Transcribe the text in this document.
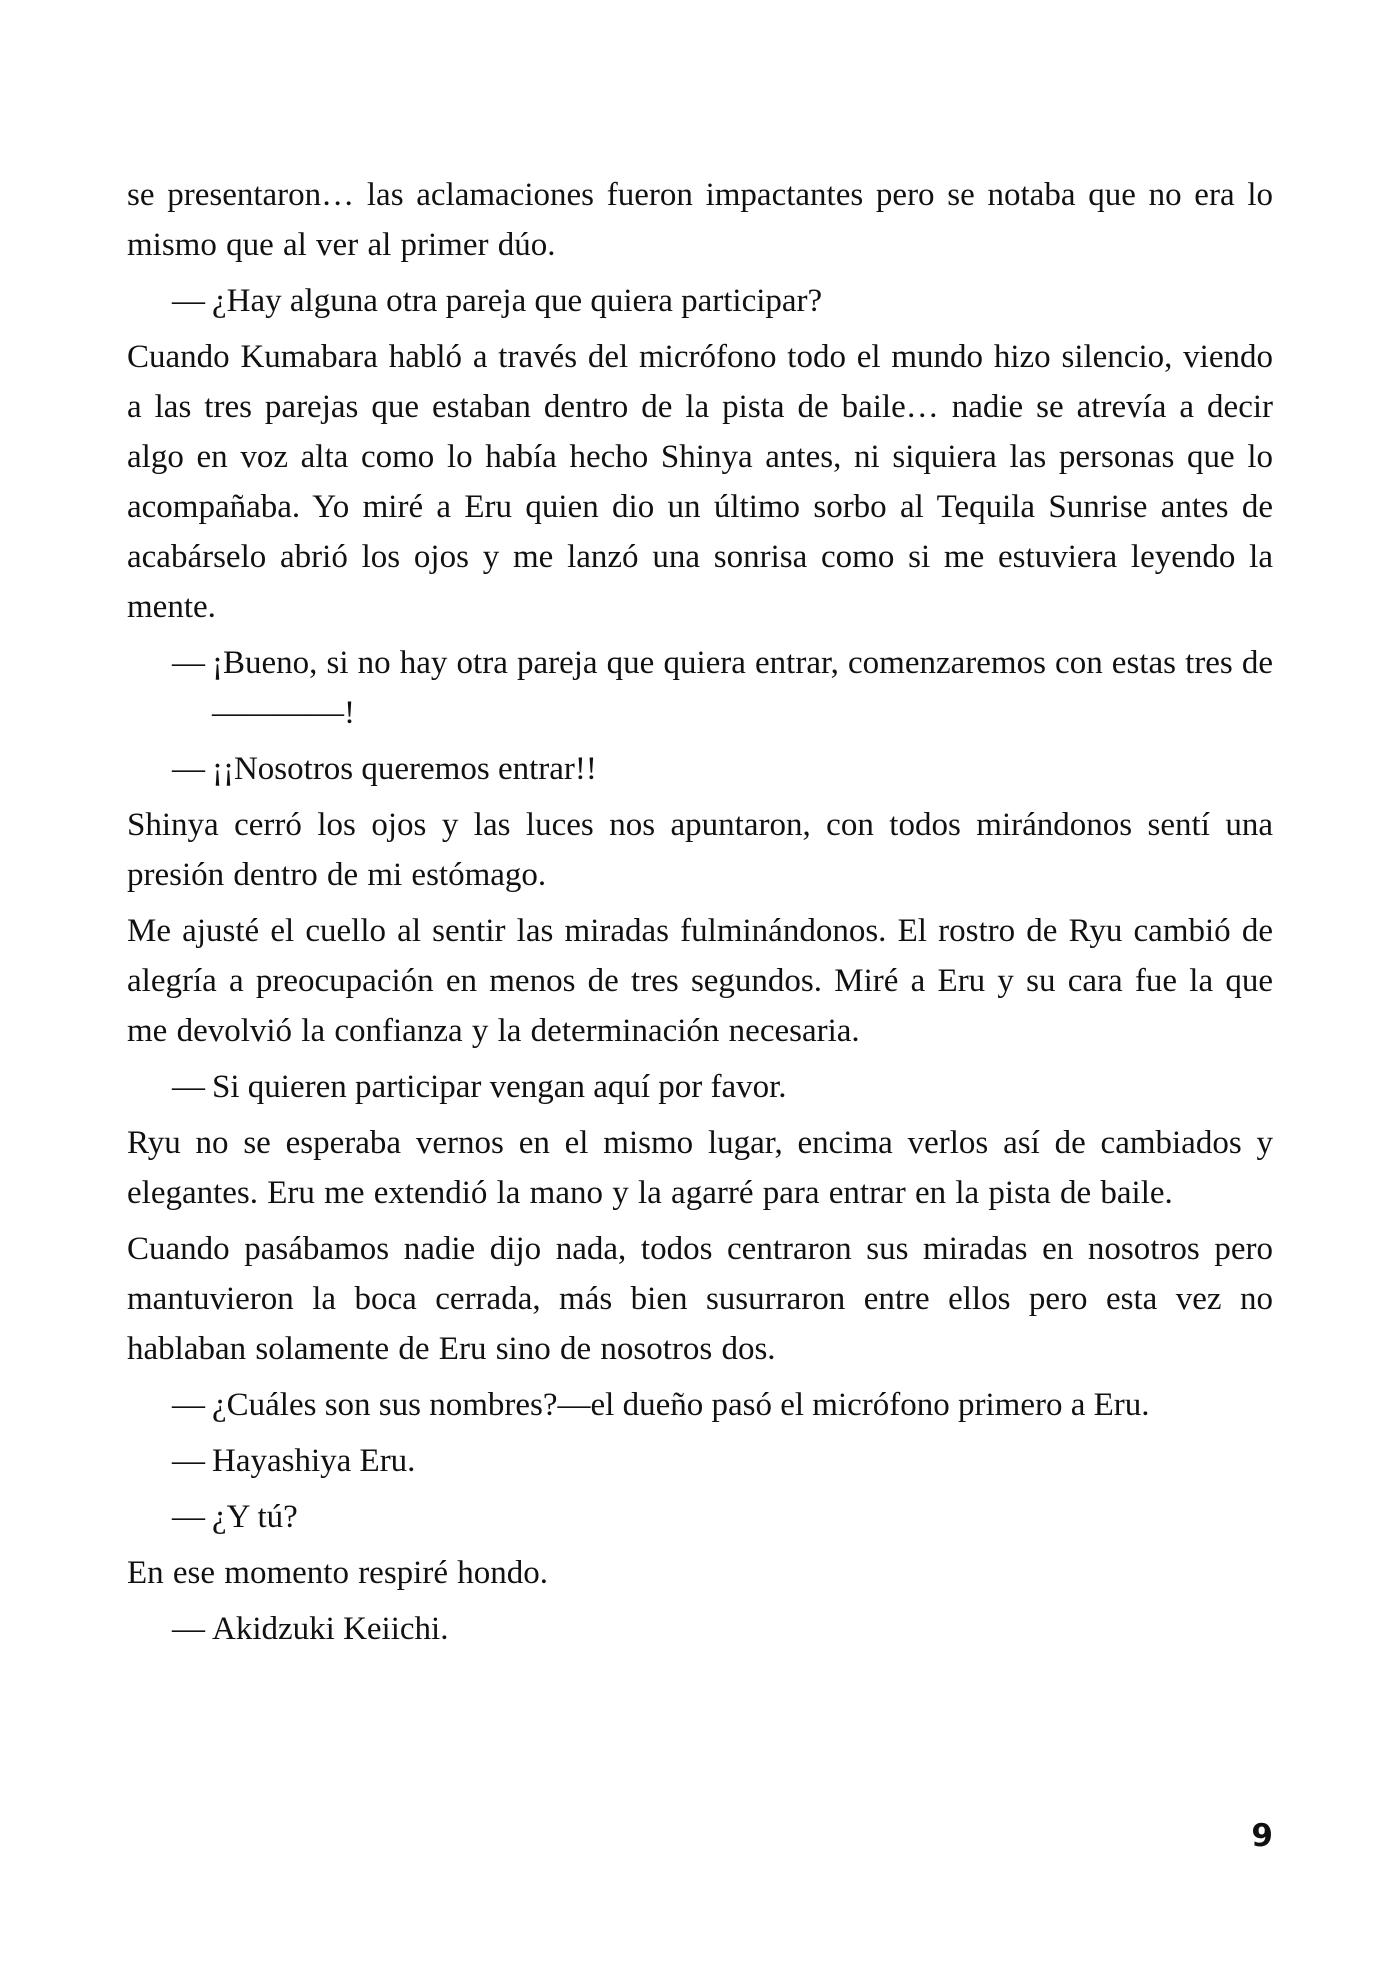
se presentaron… las aclamaciones fueron impactantes pero se notaba que no era lo mismo que al ver al primer dúo.

— ¿Hay alguna otra pareja que quiera participar?

Cuando Kumabara habló a través del micrófono todo el mundo hizo silencio, viendo a las tres parejas que estaban dentro de la pista de baile… nadie se atrevía a decir algo en voz alta como lo había hecho Shinya antes, ni siquiera las personas que lo acompañaba. Yo miré a Eru quien dio un último sorbo al Tequila Sunrise antes de acabárselo abrió los ojos y me lanzó una sonrisa como si me estuviera leyendo la mente.

— ¡Bueno, si no hay otra pareja que quiera entrar, comenzaremos con estas tres de————!

— ¡¡Nosotros queremos entrar!!

Shinya cerró los ojos y las luces nos apuntaron, con todos mirándonos sentí una presión dentro de mi estómago.

Me ajusté el cuello al sentir las miradas fulminándonos. El rostro de Ryu cambió de alegría a preocupación en menos de tres segundos. Miré a Eru y su cara fue la que me devolvió la confianza y la determinación necesaria.

— Si quieren participar vengan aquí por favor.

Ryu no se esperaba vernos en el mismo lugar, encima verlos así de cambiados y elegantes. Eru me extendió la mano y la agarré para entrar en la pista de baile.

Cuando pasábamos nadie dijo nada, todos centraron sus miradas en nosotros pero mantuvieron la boca cerrada, más bien susurraron entre ellos pero esta vez no hablaban solamente de Eru sino de nosotros dos.

— ¿Cuáles son sus nombres?—el dueño pasó el micrófono primero a Eru.

— Hayashiya Eru.

— ¿Y tú?

En ese momento respiré hondo.

— Akidzuki Keiichi.

9
